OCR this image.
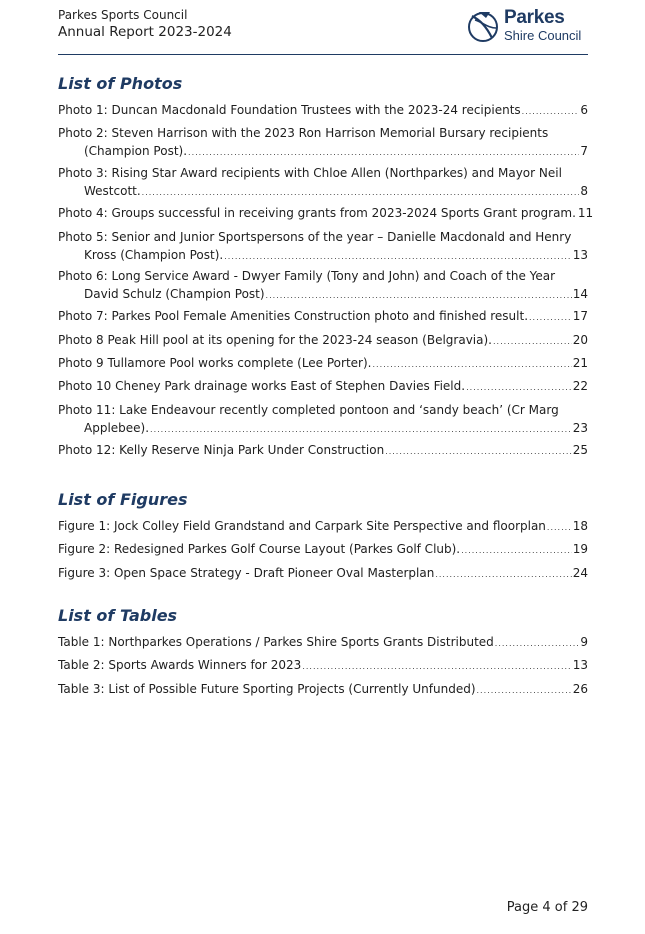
Parkes Sports Council
Annual Report 2023-2024
Parkes
Shire Council
List of Photos
Photo 1: Duncan Macdonald Foundation Trustees with the 2023-24 recipients .....	6
Photo 2: Steven Harrison with the 2023 Ron Harrison Memorial Bursary recipients
(Champion Post). .....	7
Photo 3: Rising Star Award recipients with Chloe Allen (Northparkes) and Mayor Neil
Westcott. .....	8
Photo 4: Groups successful in receiving grants from 2023-2024 Sports Grant program. 11
Photo 5: Senior and Junior Sportspersons of the year – Danielle Macdonald and Henry
Kross (Champion Post). .....	13
Photo 6: Long Service Award - Dwyer Family (Tony and John) and Coach of the Year
David Schulz (Champion Post) .....	14
Photo 7: Parkes Pool Female Amenities Construction photo and finished result. .....	17
Photo 8 Peak Hill pool at its opening for the 2023-24 season (Belgravia). .....	20
Photo 9 Tullamore Pool works complete (Lee Porter). .....	21
Photo 10 Cheney Park drainage works East of Stephen Davies Field. .....	22
Photo 11: Lake Endeavour recently completed pontoon and ‘sandy beach’ (Cr Marg
Applebee). .....	23
Photo 12: Kelly Reserve Ninja Park Under Construction .....	25
List of Figures
Figure 1: Jock Colley Field Grandstand and Carpark Site Perspective and floorplan ..... 18
Figure 2: Redesigned Parkes Golf Course Layout (Parkes Golf Club). .....	19
Figure 3: Open Space Strategy - Draft Pioneer Oval Masterplan .....	24
List of Tables
Table 1: Northparkes Operations / Parkes Shire Sports Grants Distributed .....	9
Table 2: Sports Awards Winners for 2023 .....	13
Table 3: List of Possible Future Sporting Projects (Currently Unfunded) .....	26
Page 4 of 29
